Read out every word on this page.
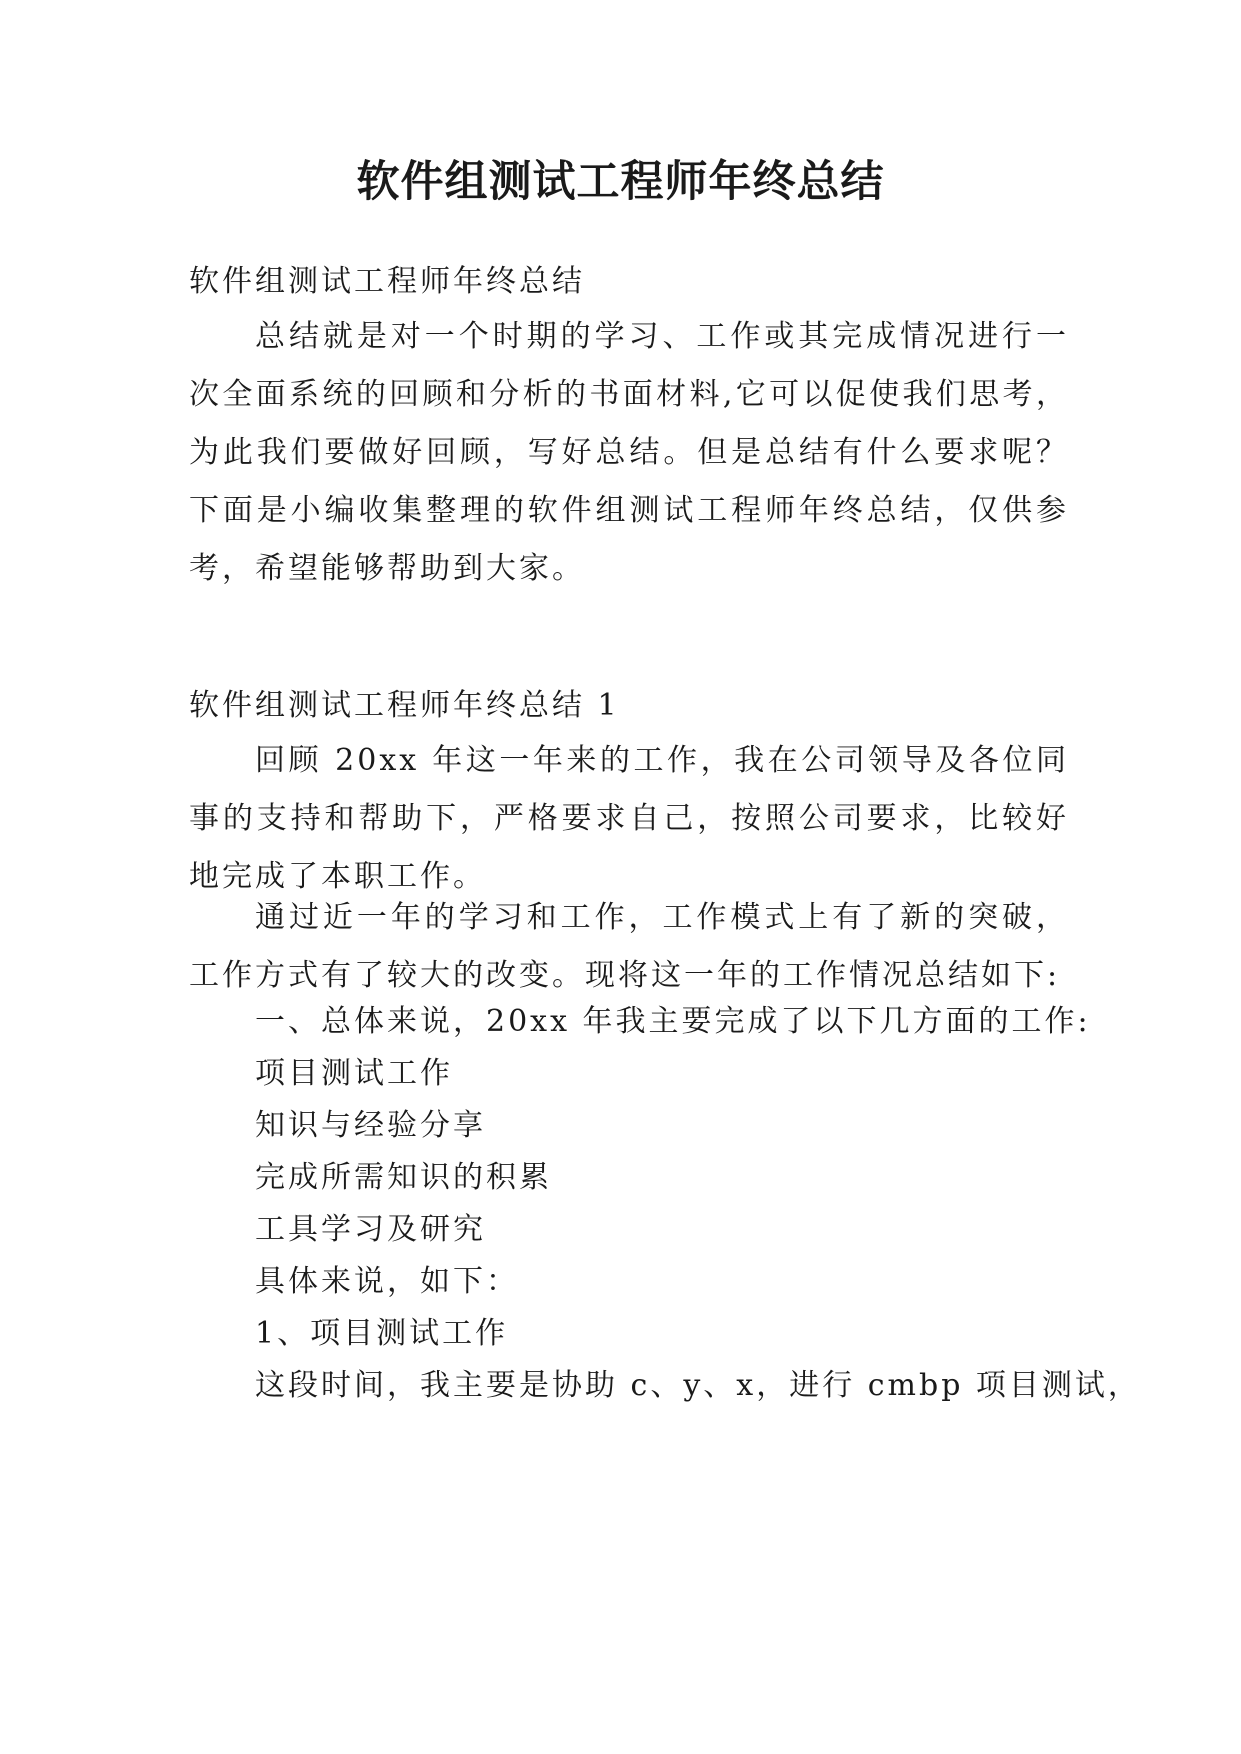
软件组测试工程师年终总结
软件组测试工程师年终总结

总结就是对一个时期的学习、工作或其完成情况进行一次全面系统的回顾和分析的书面材料,它可以促使我们思考，为此我们要做好回顾，写好总结。但是总结有什么要求呢？下面是小编收集整理的软件组测试工程师年终总结，仅供参考，希望能够帮助到大家。

软件组测试工程师年终总结 1

回顾 20xx 年这一年来的工作，我在公司领导及各位同事的支持和帮助下，严格要求自己，按照公司要求，比较好地完成了本职工作。

通过近一年的学习和工作，工作模式上有了新的突破，工作方式有了较大的改变。现将这一年的工作情况总结如下:

一、总体来说，20xx 年我主要完成了以下几方面的工作:
项目测试工作
知识与经验分享
完成所需知识的积累
工具学习及研究
具体来说，如下：
1、项目测试工作
这段时间，我主要是协助 c、y、x，进行 cmbp 项目测试，
